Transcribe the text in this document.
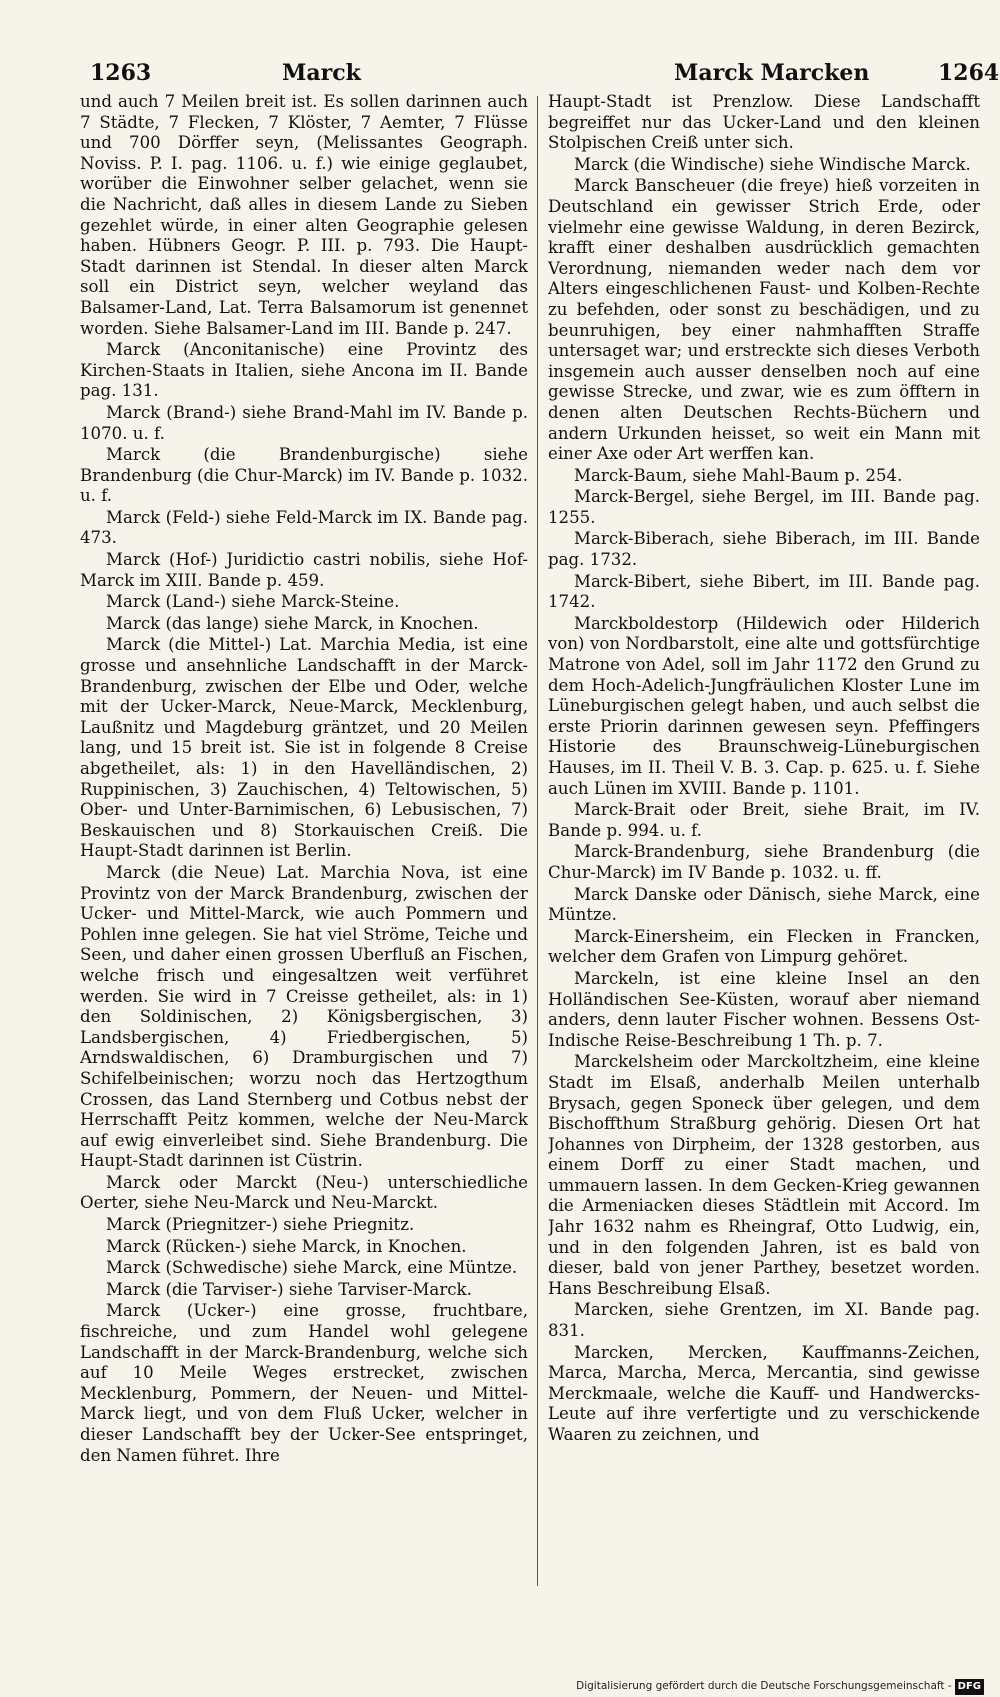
1263	Marck	Marck Marcken	1264

und auch 7 Meilen breit ist. Es sollen darinnen auch 7 Städte, 7 Flecken, 7 Klöster, 7 Aemter, 7 Flüsse und 700 Dörffer seyn, (Melissantes Geograph. Noviss. P. I. pag. 1106. u. f.) wie einige geglaubet, worüber die Einwohner selber gelachet, wenn sie die Nachricht, daß alles in diesem Lande zu Sieben gezehlet würde, in einer alten Geographie gelesen haben. Hübners Geogr. P. III. p. 793. Die Haupt-Stadt darinnen ist Stendal. In dieser alten Marck soll ein District seyn, welcher weyland das Balsamer-Land, Lat. Terra Balsamorum ist genennet worden. Siehe Balsamer-Land im III. Bande p. 247.

Marck (Anconitanische) eine Provintz des Kirchen-Staats in Italien, siehe Ancona im II. Bande pag. 131.

Marck (Brand-) siehe Brand-Mahl im IV. Bande p. 1070. u. f.

Marck (die Brandenburgische) siehe Brandenburg (die Chur-Marck) im IV. Bande p. 1032. u. f.

Marck (Feld-) siehe Feld-Marck im IX. Bande pag. 473.

Marck (Hof-) Juridictio castri nobilis, siehe Hof-Marck im XIII. Bande p. 459.

Marck (Land-) siehe Marck-Steine.

Marck (das lange) siehe Marck, in Knochen.

Marck (die Mittel-) Lat. Marchia Media, ist eine grosse und ansehnliche Landschafft in der Marck-Brandenburg, zwischen der Elbe und Oder, welche mit der Ucker-Marck, Neue-Marck, Mecklenburg, Laußnitz und Magdeburg gräntzet, und 20 Meilen lang, und 15 breit ist. Sie ist in folgende 8 Creise abgetheilet, als: 1) in den Havelländischen, 2) Ruppinischen, 3) Zauchischen, 4) Teltowischen, 5) Ober- und Unter-Barnimischen, 6) Lebusischen, 7) Beskauischen und 8) Storkauischen Creiß. Die Haupt-Stadt darinnen ist Berlin.

Marck (die Neue) Lat. Marchia Nova, ist eine Provintz von der Marck Brandenburg, zwischen der Ucker- und Mittel-Marck, wie auch Pommern und Pohlen inne gelegen. Sie hat viel Ströme, Teiche und Seen, und daher einen grossen Uberfluß an Fischen, welche frisch und eingesaltzen weit verführet werden. Sie wird in 7 Creisse getheilet, als: in 1) den Soldinischen, 2) Königsbergischen, 3) Landsbergischen, 4) Friedbergischen, 5) Arndswaldischen, 6) Dramburgischen und 7) Schifelbeinischen; worzu noch das Hertzogthum Crossen, das Land Sternberg und Cotbus nebst der Herrschafft Peitz kommen, welche der Neu-Marck auf ewig einverleibet sind. Siehe Brandenburg. Die Haupt-Stadt darinnen ist Cüstrin.

Marck oder Marckt (Neu-) unterschiedliche Oerter, siehe Neu-Marck und Neu-Marckt.

Marck (Priegnitzer-) siehe Priegnitz.

Marck (Rücken-) siehe Marck, in Knochen.

Marck (Schwedische) siehe Marck, eine Müntze.

Marck (die Tarviser-) siehe Tarviser-Marck.

Marck (Ucker-) eine grosse, fruchtbare, fischreiche, und zum Handel wohl gelegene Landschafft in der Marck-Brandenburg, welche sich auf 10 Meile Weges erstrecket, zwischen Mecklenburg, Pommern, der Neuen- und Mittel-Marck liegt, und von dem Fluß Ucker, welcher in dieser Landschafft bey der Ucker-See entspringet, den Namen führet. Ihre

Haupt-Stadt ist Prenzlow. Diese Landschafft begreiffet nur das Ucker-Land und den kleinen Stolpischen Creiß unter sich.

Marck (die Windische) siehe Windische Marck.

Marck Banscheuer (die freye) hieß vorzeiten in Deutschland ein gewisser Strich Erde, oder vielmehr eine gewisse Waldung, in deren Bezirck, krafft einer deshalben ausdrücklich gemachten Verordnung, niemanden weder nach dem vor Alters eingeschlichenen Faust- und Kolben-Rechte zu befehden, oder sonst zu beschädigen, und zu beunruhigen, bey einer nahmhafften Straffe untersaget war; und erstreckte sich dieses Verboth insgemein auch ausser denselben noch auf eine gewisse Strecke, und zwar, wie es zum öfftern in denen alten Deutschen Rechts-Büchern und andern Urkunden heisset, so weit ein Mann mit einer Axe oder Art werffen kan.

Marck-Baum, siehe Mahl-Baum p. 254.

Marck-Bergel, siehe Bergel, im III. Bande pag. 1255.

Marck-Biberach, siehe Biberach, im III. Bande pag. 1732.

Marck-Bibert, siehe Bibert, im III. Bande pag. 1742.

Marckboldestorp (Hildewich oder Hilderich von) von Nordbarstolt, eine alte und gottsfürchtige Matrone von Adel, soll im Jahr 1172 den Grund zu dem Hoch-Adelich-Jungfräulichen Kloster Lune im Lüneburgischen gelegt haben, und auch selbst die erste Priorin darinnen gewesen seyn. Pfeffingers Historie des Braunschweig-Lüneburgischen Hauses, im II. Theil V. B. 3. Cap. p. 625. u. f. Siehe auch Lünen im XVIII. Bande p. 1101.

Marck-Brait oder Breit, siehe Brait, im IV. Bande p. 994. u. f.

Marck-Brandenburg, siehe Brandenburg (die Chur-Marck) im IV Bande p. 1032. u. ff.

Marck Danske oder Dänisch, siehe Marck, eine Müntze.

Marck-Einersheim, ein Flecken in Francken, welcher dem Grafen von Limpurg gehöret.

Marckeln, ist eine kleine Insel an den Holländischen See-Küsten, worauf aber niemand anders, denn lauter Fischer wohnen. Bessens Ost-Indische Reise-Beschreibung 1 Th. p. 7.

Marckelsheim oder Marckoltzheim, eine kleine Stadt im Elsaß, anderhalb Meilen unterhalb Brysach, gegen Sponeck über gelegen, und dem Bischoffthum Straßburg gehörig. Diesen Ort hat Johannes von Dirpheim, der 1328 gestorben, aus einem Dorff zu einer Stadt machen, und ummauern lassen. In dem Gecken-Krieg gewannen die Armeniacken dieses Städtlein mit Accord. Im Jahr 1632 nahm es Rheingraf, Otto Ludwig, ein, und in den folgenden Jahren, ist es bald von dieser, bald von jener Parthey, besetzet worden. Hans Beschreibung Elsaß.

Marcken, siehe Grentzen, im XI. Bande pag. 831.

Marcken, Mercken, Kauffmanns-Zeichen, Marca, Marcha, Merca, Mercantia, sind gewisse Merckmaale, welche die Kauff- und Handwercks-Leute auf ihre verfertigte und zu verschickende Waaren zu zeichnen, und

Digitalisierung gefördert durch die Deutsche Forschungsgemeinschaft - DFG
